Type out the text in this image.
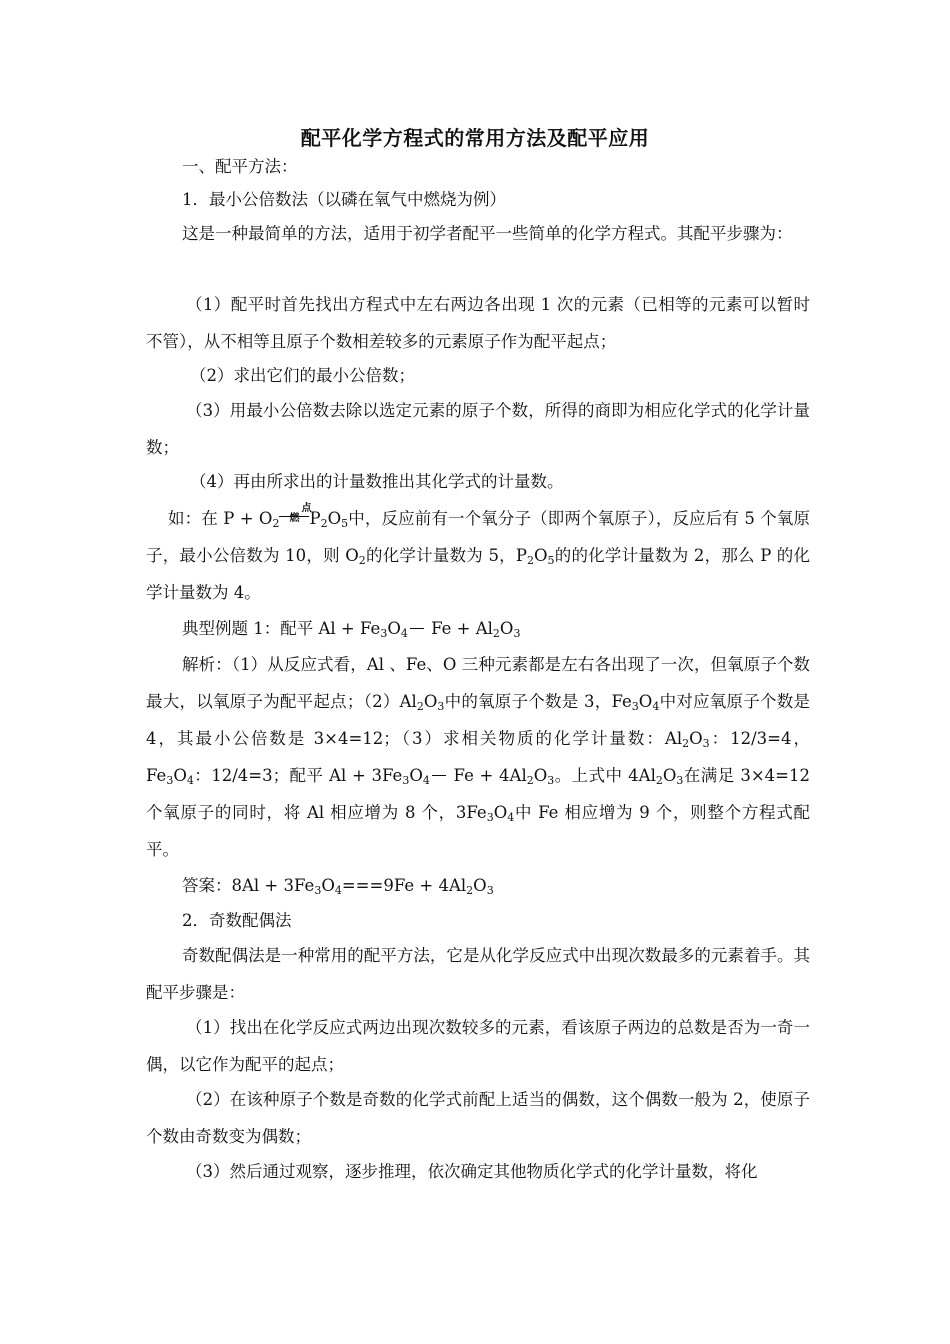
配平化学方程式的常用方法及配平应用
一、配平方法：
1．最小公倍数法（以磷在氧气中燃烧为例）
这是一种最简单的方法，适用于初学者配平一些简单的化学方程式。其配平步骤为：
（1）配平时首先找出方程式中左右两边各出现 1 次的元素（已相等的元素可以暂时不管），从不相等且原子个数相差较多的元素原子作为配平起点；
（2）求出它们的最小公倍数；
（3）用最小公倍数去除以选定元素的原子个数，所得的商即为相应化学式的化学计量数；
（4）再由所求出的计量数推出其化学式的计量数。
如：在 $P + O_2$
点燃 $P_2O_5$中，反应前有一个氧分子（即两个氧原子），反应后有 5 个氧原子，最小公倍数为 10，则 $O_2$的化学计量数为 5，$P_2O_5$的的化学计量数为 2，那么 P 的化学计量数为 4。
典型例题 1：配平 $Al + Fe_3O_4$ $Fe + Al_2O_3$
解析：（1）从反应式看，Al 、Fe、O 三种元素都是左右各出现了一次，但氧原子个数最大，以氧原子为配平起点；$(2)Al_2O_3$中的氧原子个数是 3，$Fe_3O_4$中对应氧原子个数是 4，其最小公倍数是 3×4=12；（3）求相关物质的化学计量数：$Al_2O_3$：12/3=4，$Fe_3O_4$：12/4=3；配平 $Al + 3Fe_3O_4$ $Fe + 4Al_2O_3$。上式中 $4Al_2O_3$在满足 3×4=12 个氧原子的同时，将 Al 相应增为 8 个，$3Fe_3O_4$中 Fe 相应增为 9 个，则整个方程式配平。
答案：$8Al + 3Fe_3O_4===9Fe + 4Al_2O_3$
2．奇数配偶法
奇数配偶法是一种常用的配平方法，它是从化学反应式中出现次数最多的元素着手。其配平步骤是：
（1）找出在化学反应式两边出现次数较多的元素，看该原子两边的总数是否为一奇一偶，以它作为配平的起点；
（2）在该种原子个数是奇数的化学式前配上适当的偶数，这个偶数一般为 2，使原子个数由奇数变为偶数；
（3）然后通过观察，逐步推理，依次确定其他物质化学式的化学计量数，将化
